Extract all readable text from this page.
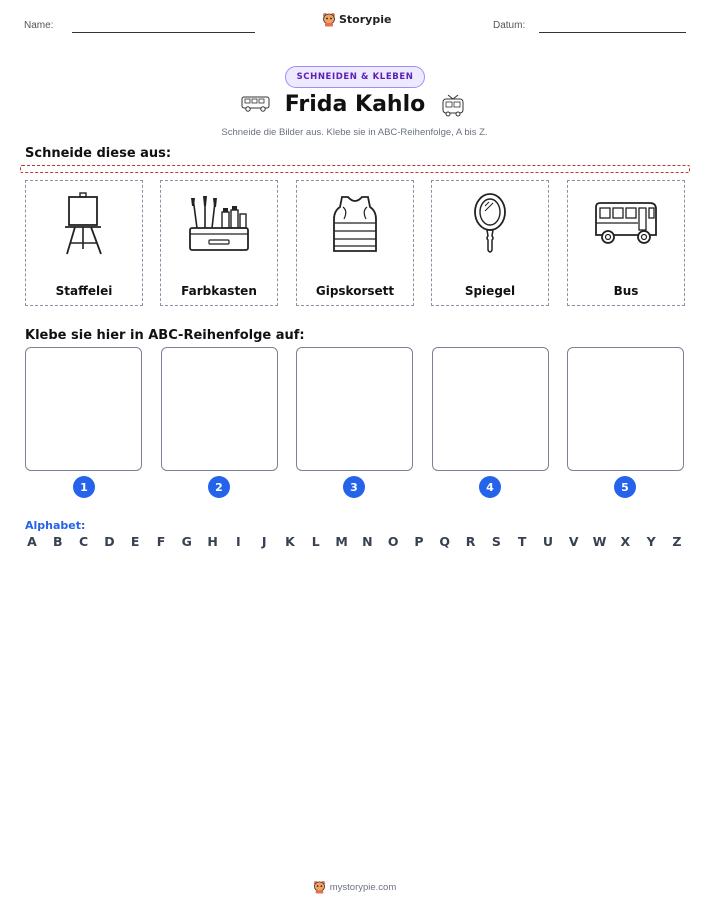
Name:	Storypie	Datum:
SCHNEIDEN & KLEBEN
Frida Kahlo
Schneide die Bilder aus. Klebe sie in ABC-Reihenfolge, A bis Z.
Schneide diese aus:
Staffelei	Farbkasten	Gipskorsett	Spiegel	Bus
Klebe sie hier in ABC-Reihenfolge auf:
1	2	3	4	5
Alphabet:
A B C D E F G H	I	J	K L M N O P Q R S T U V W X Y Z
mystorypie.com
